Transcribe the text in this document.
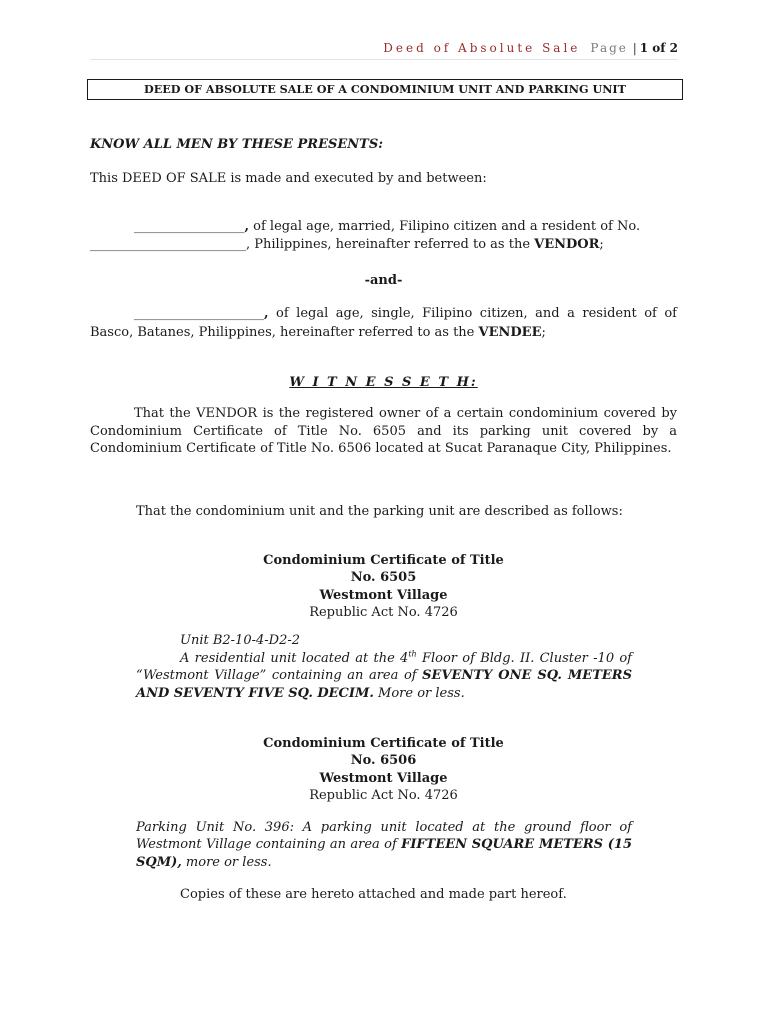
Deed of Absolute Sale Page | 1 of 2
DEED OF ABSOLUTE SALE OF A CONDOMINIUM UNIT AND PARKING UNIT

KNOW ALL MEN BY THESE PRESENTS:

This DEED OF SALE is made and executed by and between:

_________________, of legal age, married, Filipino citizen and a resident of No.
________________________, Philippines, hereinafter referred to as the VENDOR;

-and-

____________________, of legal age, single, Filipino citizen, and a resident of of Basco, Batanes, Philippines, hereinafter referred to as the VENDEE;

W I T N E S S E T H:

That the VENDOR is the registered owner of a certain condominium covered by Condominium Certificate of Title No. 6505 and its parking unit covered by a Condominium Certificate of Title No. 6506 located at Sucat Paranaque City, Philippines.

That the condominium unit and the parking unit are described as follows:

Condominium Certificate of Title
No. 6505
Westmont Village
Republic Act No. 4726
Unit B2-10-4-D2-2
A residential unit located at the 4th Floor of Bldg. II. Cluster -10 of “Westmont Village” containing an area of SEVENTY ONE SQ. METERS AND SEVENTY FIVE SQ. DECIM. More or less.
Condominium Certificate of Title
No. 6506
Westmont Village
Republic Act No. 4726

Parking Unit No. 396: A parking unit located at the ground floor of Westmont Village containing an area of FIFTEEN SQUARE METERS (15 SQM), more or less.

Copies of these are hereto attached and made part hereof.
